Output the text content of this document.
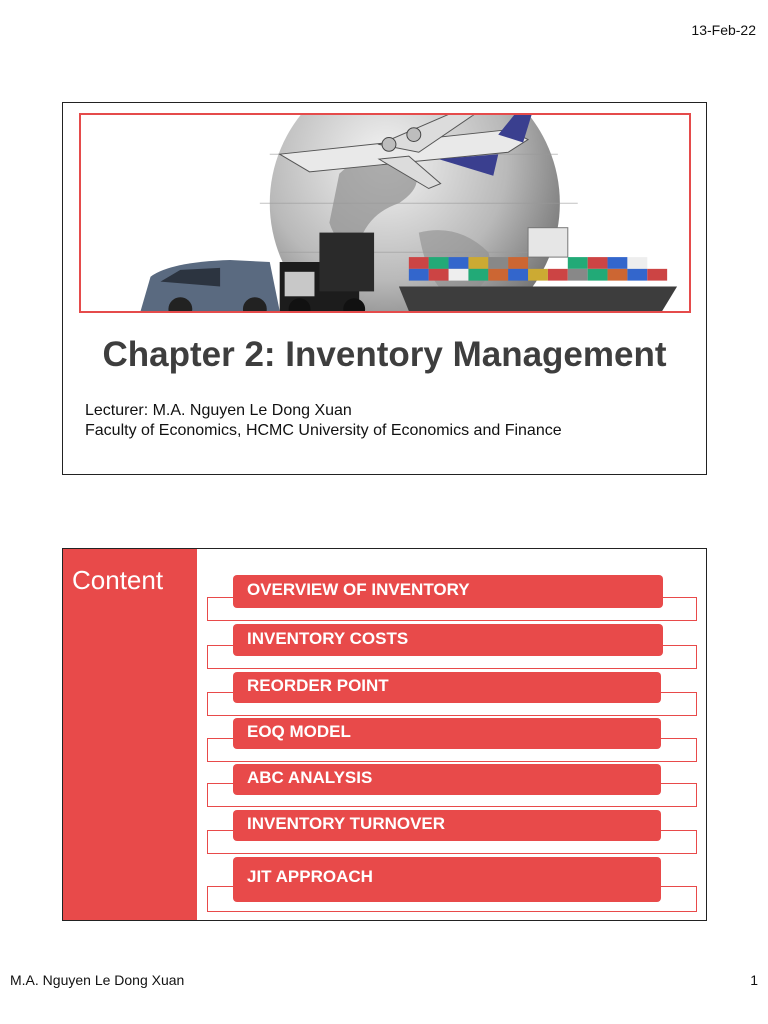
13-Feb-22
Chapter 2: Inventory Management
Lecturer: M.A. Nguyen Le Dong Xuan
Faculty of Economics, HCMC University of Economics and Finance
Content	OVERVIEW OF INVENTORY
INVENTORY COSTS
REORDER POINT
EOQ MODEL
ABC ANALYSIS
INVENTORY TURNOVER
JIT APPROACH
M.A. Nguyen Le Dong Xuan	1
